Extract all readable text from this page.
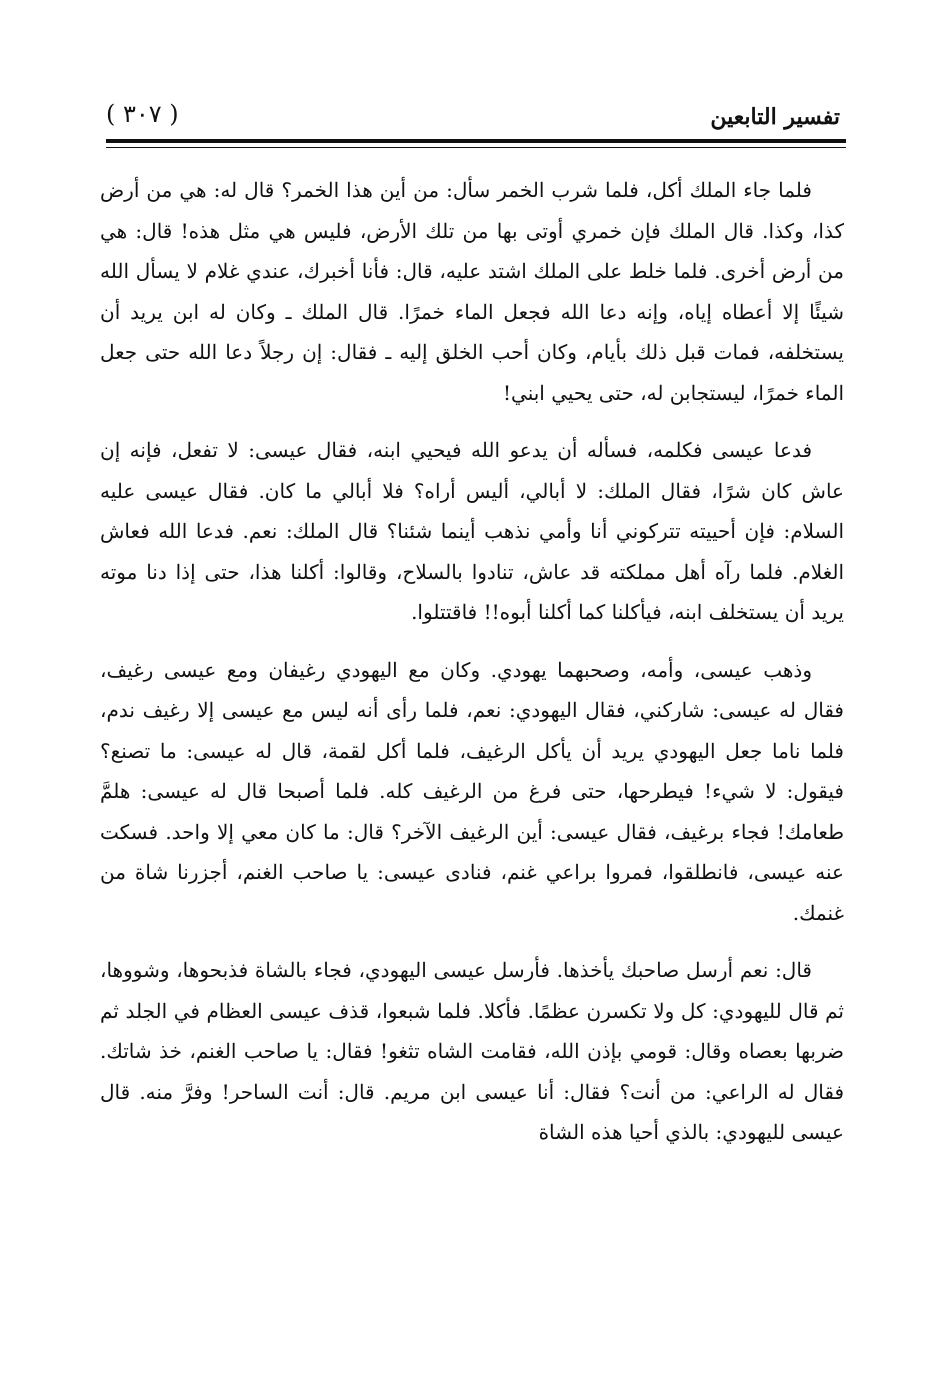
( ٣٠٧ )	تفسير التابعين

فلما جاء الملك أكل، فلما شرب الخمر سأل: من أين هذا الخمر؟ قال له: هي من أرض كذا، وكذا. قال الملك فإن خمري أوتى بها من تلك الأرض، فليس هي مثل هذه! قال: هي من أرض أخرى. فلما خلط على الملك اشتد عليه، قال: فأنا أخبرك، عندي غلام لا يسأل الله شيئًا إلا أعطاه إياه، وإنه دعا الله فجعل الماء خمرًا. قال الملك ـ وكان له ابن يريد أن يستخلفه، فمات قبل ذلك بأيام، وكان أحب الخلق إليه ـ فقال: إن رجلاً دعا الله حتى جعل الماء خمرًا، ليستجابن له، حتى يحيي ابني!

فدعا عيسى فكلمه، فسأله أن يدعو الله فيحيي ابنه، فقال عيسى: لا تفعل، فإنه إن عاش كان شرًا، فقال الملك: لا أبالي، أليس أراه؟ فلا أبالي ما كان. فقال عيسى عليه السلام: فإن أحييته تتركوني أنا وأمي نذهب أينما شئنا؟ قال الملك: نعم. فدعا الله فعاش الغلام. فلما رآه أهل مملكته قد عاش، تنادوا بالسلاح، وقالوا: أكلنا هذا، حتى إذا دنا موته يريد أن يستخلف ابنه، فيأكلنا كما أكلنا أبوه!! فاقتتلوا.

وذهب عيسى، وأمه، وصحبهما يهودي. وكان مع اليهودي رغيفان ومع عيسى رغيف، فقال له عيسى: شاركني، فقال اليهودي: نعم، فلما رأى أنه ليس مع عيسى إلا رغيف ندم، فلما ناما جعل اليهودي يريد أن يأكل الرغيف، فلما أكل لقمة، قال له عيسى: ما تصنع؟ فيقول: لا شيء! فيطرحها، حتى فرغ من الرغيف كله. فلما أصبحا قال له عيسى: هلمَّ طعامك! فجاء برغيف، فقال عيسى: أين الرغيف الآخر؟ قال: ما كان معي إلا واحد. فسكت عنه عيسى، فانطلقوا، فمروا براعي غنم، فنادى عيسى: يا صاحب الغنم، أجزرنا شاة من غنمك.

قال: نعم أرسل صاحبك يأخذها. فأرسل عيسى اليهودي، فجاء بالشاة فذبحوها، وشووها، ثم قال لليهودي: كل ولا تكسرن عظمًا. فأكلا. فلما شبعوا، قذف عيسى العظام في الجلد ثم ضربها بعصاه وقال: قومي بإذن الله، فقامت الشاه تثغو! فقال: يا صاحب الغنم، خذ شاتك. فقال له الراعي: من أنت؟ فقال: أنا عيسى ابن مريم. قال: أنت الساحر! وفرَّ منه. قال عيسى لليهودي: بالذي أحيا هذه الشاة
